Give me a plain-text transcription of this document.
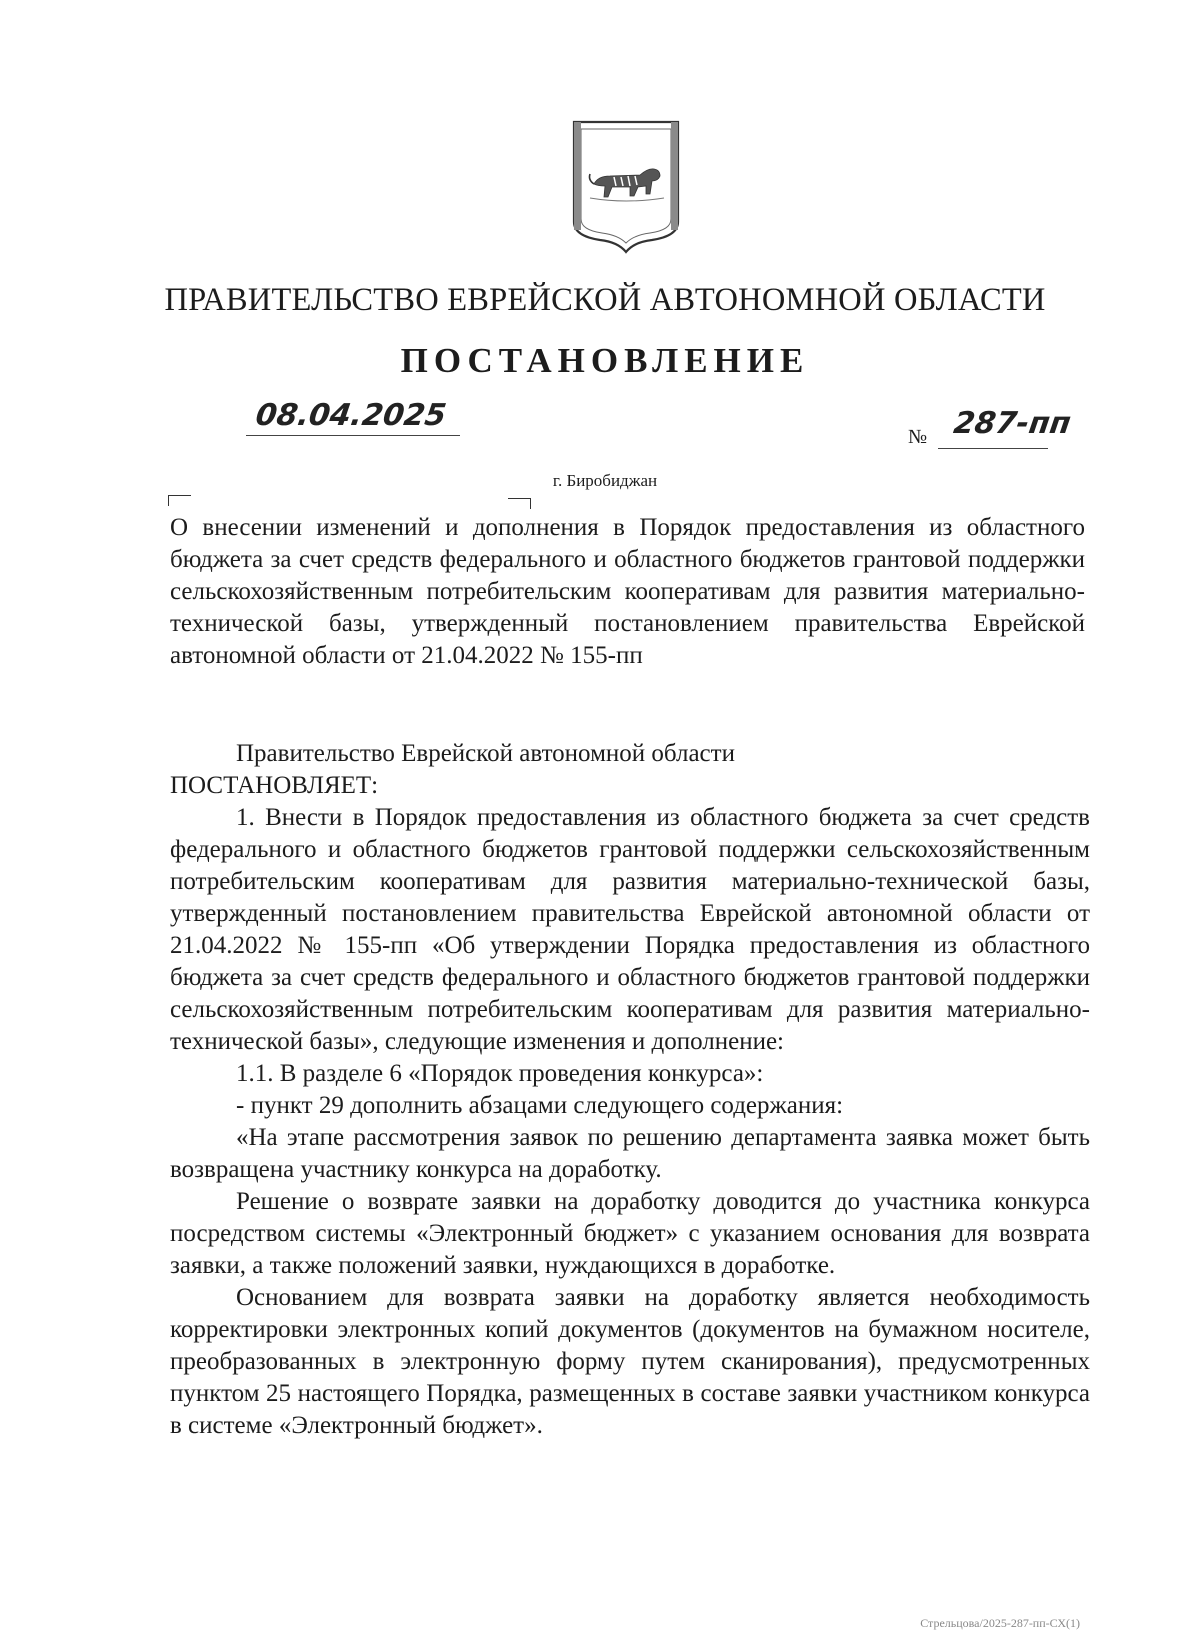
ПРАВИТЕЛЬСТВО ЕВРЕЙСКОЙ АВТОНОМНОЙ ОБЛАСТИ
ПОСТАНОВЛЕНИЕ
08.04.2025
№ 287-пп
г. Биробиджан
О внесении изменений и дополнения в Порядок предоставления из областного бюджета за счет средств федерального и областного бюджетов грантовой поддержки сельскохозяйственным потребительским кооперативам для развития материально-технической базы, утвержденный постановлением правительства Еврейской автономной области от 21.04.2022 № 155-пп

Правительство Еврейской автономной области

ПОСТАНОВЛЯЕТ:

1. Внести в Порядок предоставления из областного бюджета за счет средств федерального и областного бюджетов грантовой поддержки сельскохозяйственным потребительским кооперативам для развития материально-технической базы, утвержденный постановлением правительства Еврейской автономной области от 21.04.2022 № 155-пп «Об утверждении Порядка предоставления из областного бюджета за счет средств федерального и областного бюджетов грантовой поддержки сельскохозяйственным потребительским кооперативам для развития материально-технической базы», следующие изменения и дополнение:

1.1. В разделе 6 «Порядок проведения конкурса»:

- пункт 29 дополнить абзацами следующего содержания:

«На этапе рассмотрения заявок по решению департамента заявка может быть возвращена участнику конкурса на доработку.

Решение о возврате заявки на доработку доводится до участника конкурса посредством системы «Электронный бюджет» с указанием основания для возврата заявки, а также положений заявки, нуждающихся в доработке.

Основанием для возврата заявки на доработку является необходимость корректировки электронных копий документов (документов на бумажном носителе, преобразованных в электронную форму путем сканирования), предусмотренных пунктом 25 настоящего Порядка, размещенных в составе заявки участником конкурса в системе «Электронный бюджет».

Стрельцова/2025-287-пп-СХ(1)
